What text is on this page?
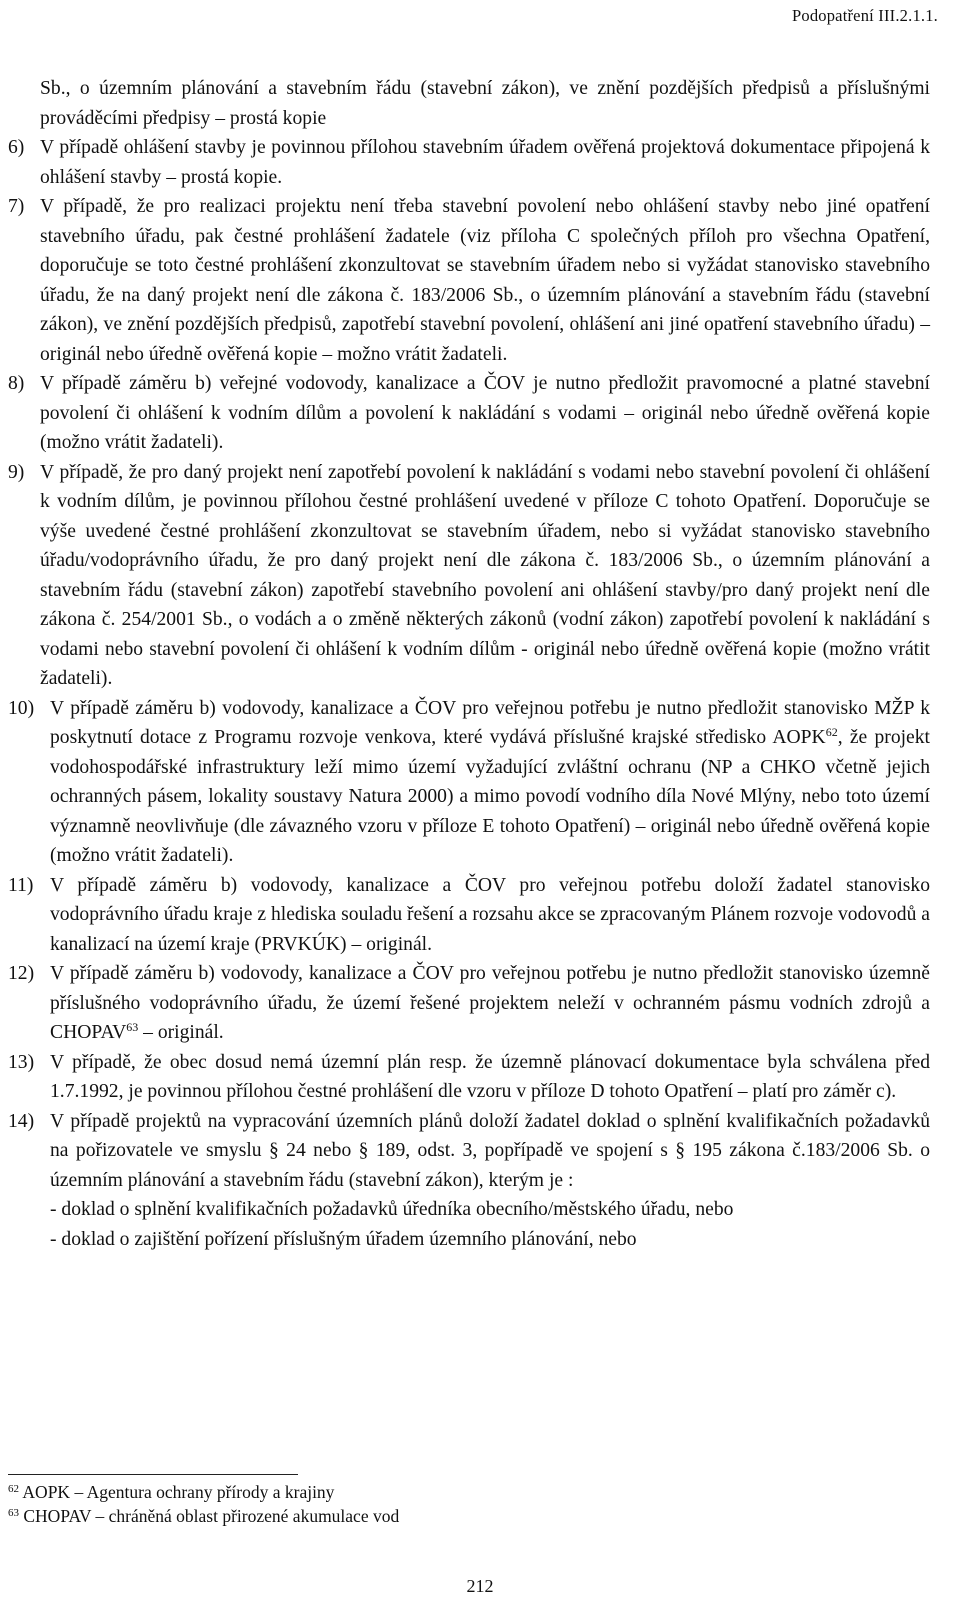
Podopatření III.2.1.1.
Sb., o územním plánování a stavebním řádu (stavební zákon), ve znění pozdějších předpisů a příslušnými prováděcími předpisy – prostá kopie
6) V případě ohlášení stavby je povinnou přílohou stavebním úřadem ověřená projektová dokumentace připojená k ohlášení stavby – prostá kopie.
7) V případě, že pro realizaci projektu není třeba stavební povolení nebo ohlášení stavby nebo jiné opatření stavebního úřadu, pak čestné prohlášení žadatele (viz příloha C společných příloh pro všechna Opatření, doporučuje se toto čestné prohlášení zkonzultovat se stavebním úřadem nebo si vyžádat stanovisko stavebního úřadu, že na daný projekt není dle zákona č. 183/2006 Sb., o územním plánování a stavebním řádu (stavební zákon), ve znění pozdějších předpisů, zapotřebí stavební povolení, ohlášení ani jiné opatření stavebního úřadu) – originál nebo úředně ověřená kopie – možno vrátit žadateli.
8) V případě záměru b) veřejné vodovody, kanalizace a ČOV je nutno předložit pravomocné a platné stavební povolení či ohlášení k vodním dílům a povolení k nakládání s vodami – originál nebo úředně ověřená kopie (možno vrátit žadateli).
9) V případě, že pro daný projekt není zapotřebí povolení k nakládání s vodami nebo stavební povolení či ohlášení k vodním dílům, je povinnou přílohou čestné prohlášení uvedené v příloze C tohoto Opatření. Doporučuje se výše uvedené čestné prohlášení zkonzultovat se stavebním úřadem, nebo si vyžádat stanovisko stavebního úřadu/vodoprávního úřadu, že pro daný projekt není dle zákona č. 183/2006 Sb., o územním plánování a stavebním řádu (stavební zákon) zapotřebí stavebního povolení ani ohlášení stavby/pro daný projekt není dle zákona č. 254/2001 Sb., o vodách a o změně některých zákonů (vodní zákon) zapotřebí povolení k nakládání s vodami nebo stavební povolení či ohlášení k vodním dílům - originál nebo úředně ověřená kopie (možno vrátit žadateli).
10) V případě záměru b) vodovody, kanalizace a ČOV pro veřejnou potřebu je nutno předložit stanovisko MŽP k poskytnutí dotace z Programu rozvoje venkova, které vydává příslušné krajské středisko AOPK$^{62}$, že projekt vodohospodářské infrastruktury leží mimo území vyžadující zvláštní ochranu (NP a CHKO včetně jejich ochranných pásem, lokality soustavy Natura 2000) a mimo povodí vodního díla Nové Mlýny, nebo toto území významně neovlivňuje (dle závazného vzoru v příloze E tohoto Opatření) – originál nebo úředně ověřená kopie (možno vrátit žadateli).
11) V případě záměru b) vodovody, kanalizace a ČOV pro veřejnou potřebu doloží žadatel stanovisko vodoprávního úřadu kraje z hlediska souladu řešení a rozsahu akce se zpracovaným Plánem rozvoje vodovodů a kanalizací na území kraje (PRVKÚK) – originál.
12) V případě záměru b) vodovody, kanalizace a ČOV pro veřejnou potřebu je nutno předložit stanovisko územně příslušného vodoprávního úřadu, že území řešené projektem neleží v ochranném pásmu vodních zdrojů a CHOPAV$^{63}$ – originál.
13) V případě, že obec dosud nemá územní plán resp. že územně plánovací dokumentace byla schválena před 1.7.1992, je povinnou přílohou čestné prohlášení dle vzoru v příloze D tohoto Opatření – platí pro záměr c).
14) V případě projektů na vypracování územních plánů doloží žadatel doklad o splnění kvalifikačních požadavků na pořizovatele ve smyslu § 24 nebo § 189, odst. 3, popřípadě ve spojení s § 195 zákona č.183/2006 Sb. o územním plánování a stavebním řádu (stavební zákon), kterým je :
- doklad o splnění kvalifikačních požadavků úředníka obecního/městského úřadu, nebo
- doklad o zajištění pořízení příslušným úřadem územního plánování, nebo
$^{62}$ AOPK – Agentura ochrany přírody a krajiny
$^{63}$ CHOPAV – chráněná oblast přirozené akumulace vod
212
